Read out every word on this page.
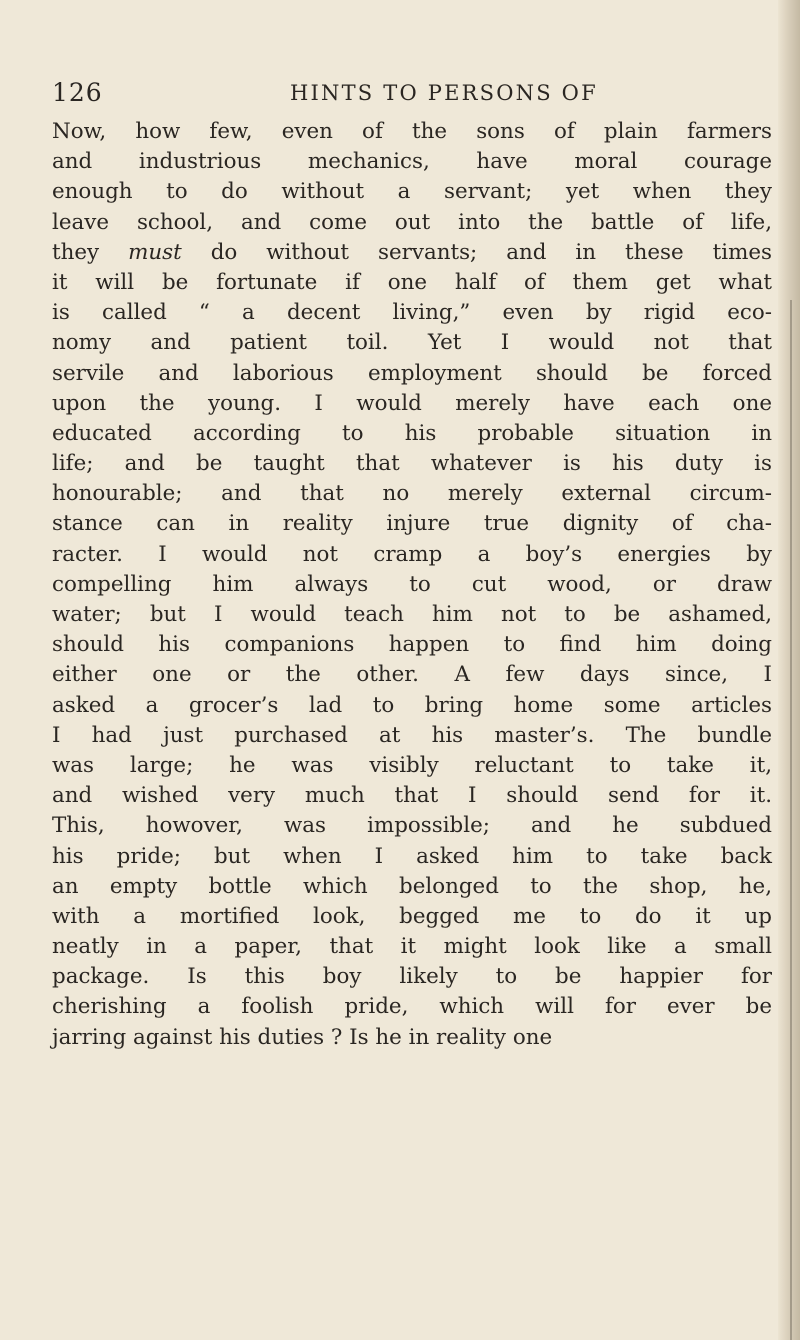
126	HINTS TO PERSONS OF
Now, how few, even of the sons of plain farmers
and industrious mechanics, have moral courage
enough to do without a servant; yet when they
leave school, and come out into the battle of life,
they must do without servants; and in these times
it will be fortunate if one half of them get what
is called “ a decent living,” even by rigid eco-
nomy and patient toil. Yet I would not that
servile and laborious employment should be forced
upon the young. I would merely have each one
educated according to his probable situation in
life; and be taught that whatever is his duty is
honourable; and that no merely external circum-
stance can in reality injure true dignity of cha-
racter. I would not cramp a boy’s energies by
compelling him always to cut wood, or draw
water; but I would teach him not to be ashamed,
should his companions happen to find him doing
either one or the other. A few days since, I
asked a grocer’s lad to bring home some articles
I had just purchased at his master’s. The bundle
was large; he was visibly reluctant to take it,
and wished very much that I should send for it.
This, howover, was impossible; and he subdued
his pride; but when I asked him to take back
an empty bottle which belonged to the shop, he,
with a mortified look, begged me to do it up
neatly in a paper, that it might look like a small
package. Is this boy likely to be happier for
cherishing a foolish pride, which will for ever be
jarring against his duties ? Is he in reality one
